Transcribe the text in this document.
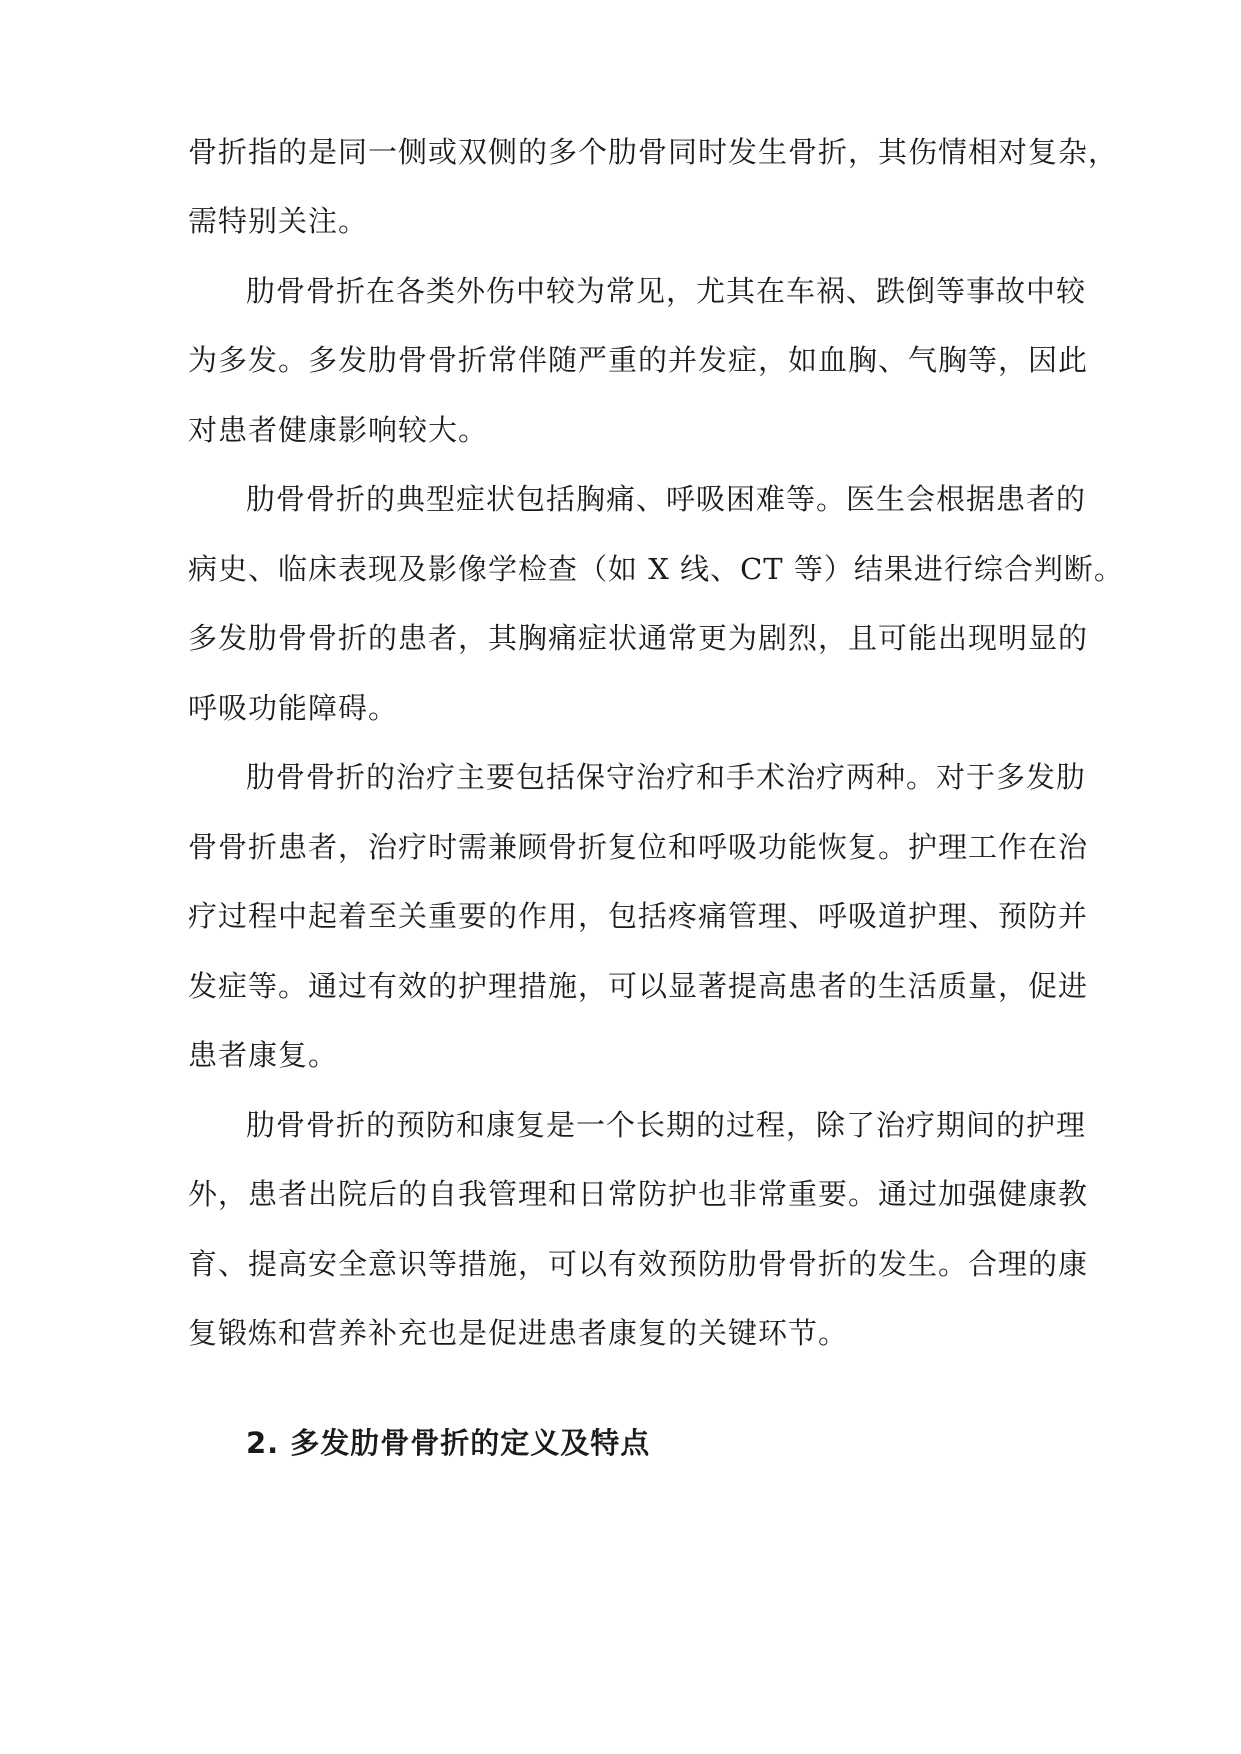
骨折指的是同一侧或双侧的多个肋骨同时发生骨折，其伤情相对复杂，
需特别关注。
肋骨骨折在各类外伤中较为常见，尤其在车祸、跌倒等事故中较
为多发。多发肋骨骨折常伴随严重的并发症，如血胸、气胸等，因此
对患者健康影响较大。
肋骨骨折的典型症状包括胸痛、呼吸困难等。医生会根据患者的
病史、临床表现及影像学检查（如 X 线、CT 等）结果进行综合判断。
多发肋骨骨折的患者，其胸痛症状通常更为剧烈，且可能出现明显的
呼吸功能障碍。
肋骨骨折的治疗主要包括保守治疗和手术治疗两种。对于多发肋
骨骨折患者，治疗时需兼顾骨折复位和呼吸功能恢复。护理工作在治
疗过程中起着至关重要的作用，包括疼痛管理、呼吸道护理、预防并
发症等。通过有效的护理措施，可以显著提高患者的生活质量，促进
患者康复。
肋骨骨折的预防和康复是一个长期的过程，除了治疗期间的护理
外，患者出院后的自我管理和日常防护也非常重要。通过加强健康教
育、提高安全意识等措施，可以有效预防肋骨骨折的发生。合理的康
复锻炼和营养补充也是促进患者康复的关键环节。
2. 多发肋骨骨折的定义及特点
